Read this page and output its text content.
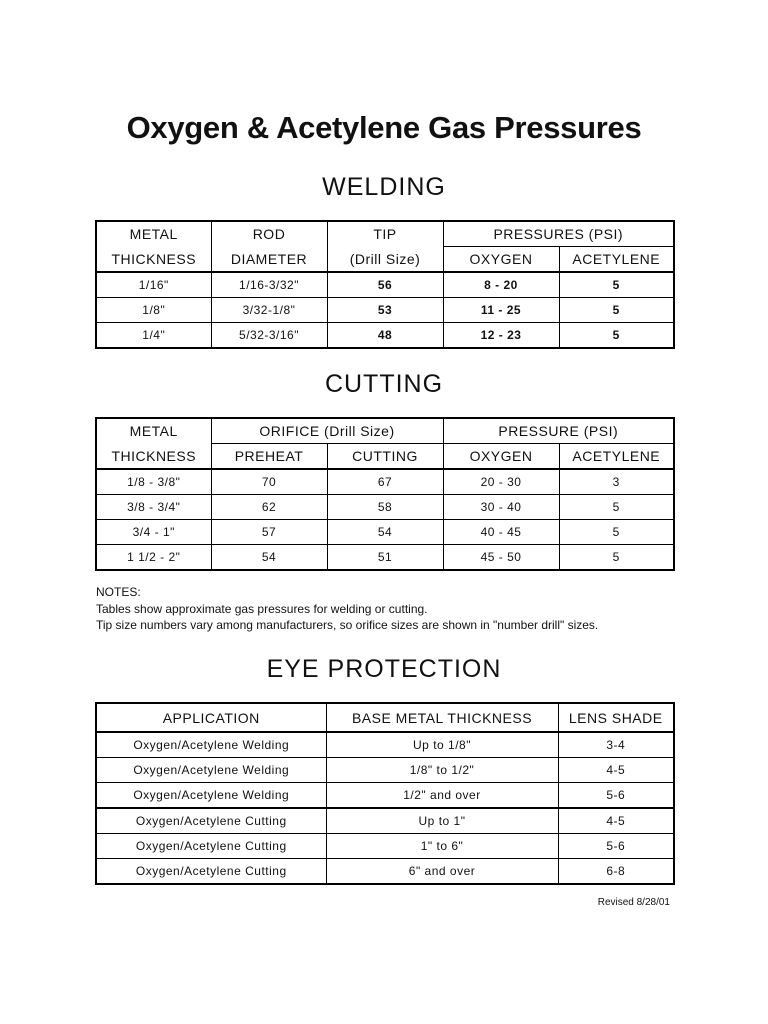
Oxygen & Acetylene Gas Pressures
WELDING
METAL	ROD	TIP	PRESSURES (PSI)	
THICKNESS	DIAMETER	(Drill Size)	OXYGEN	ACETYLENE
1/16"	1/16-3/32"	56	8 - 20	5
1/8"	3/32-1/8"	53	11 - 25	5
1/4"	5/32-3/16"	48	12 - 23	5
CUTTING
METAL	ORIFICE (Drill Size)		PRESSURE (PSI)	
THICKNESS	PREHEAT	CUTTING	OXYGEN	ACETYLENE
1/8 - 3/8"	70	67	20 - 30	3
3/8 - 3/4"	62	58	30 - 40	5
3/4 - 1"	57	54	40 - 45	5
1 1/2 - 2"	54	51	45 - 50	5
NOTES:
Tables show approximate gas pressures for welding or cutting.
Tip size numbers vary among manufacturers, so orifice sizes are shown in "number drill" sizes.
EYE PROTECTION
APPLICATION	BASE METAL THICKNESS	LENS SHADE
Oxygen/Acetylene Welding	Up to 1/8"	3-4
Oxygen/Acetylene Welding	1/8" to 1/2"	4-5
Oxygen/Acetylene Welding	1/2" and over	5-6
Oxygen/Acetylene Cutting	Up to 1"	4-5
Oxygen/Acetylene Cutting	1" to 6"	5-6
Oxygen/Acetylene Cutting	6" and over	6-8
Revised 8/28/01
